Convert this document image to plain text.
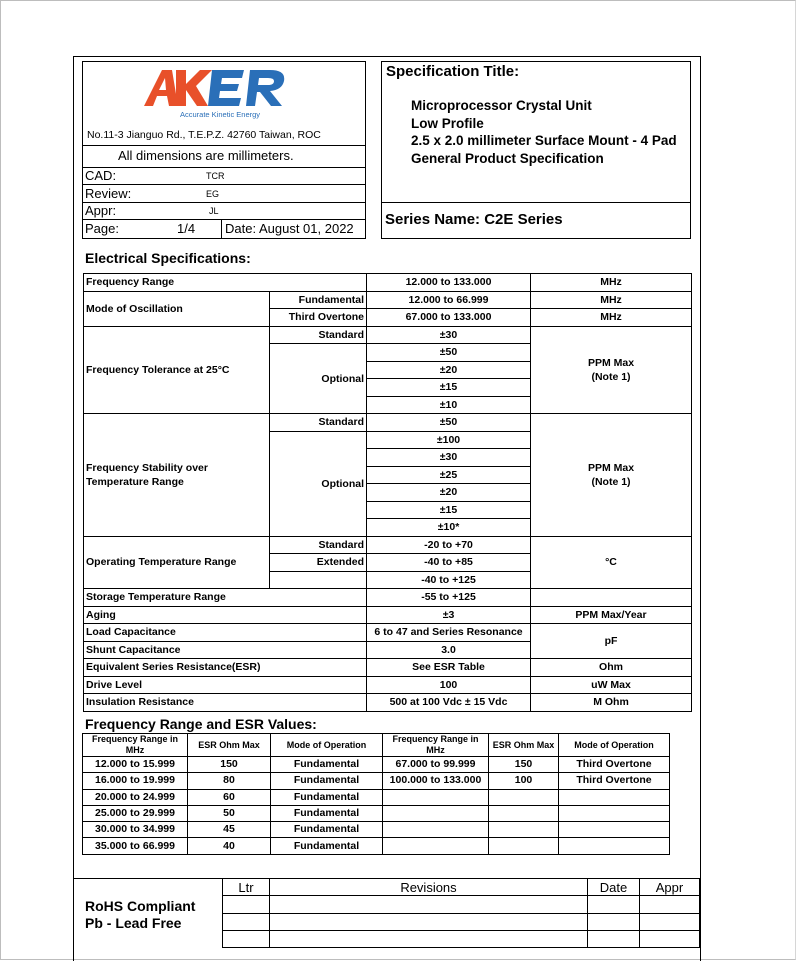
Accurate Kinetic Energy
No.11-3 Jianguo Rd., T.E.P.Z. 42760 Taiwan, ROC
All dimensions are millimeters.
CAD:	TCR
Review:	EG
Appr:	JL
Page:	1/4 Date: August 01, 2022
Specification Title:
Microprocessor Crystal Unit
Low Profile
2.5 x 2.0 millimeter Surface Mount - 4 Pad
General Product Specification
Series Name: C2E Series
Electrical Specifications:
Frequency Range		12.000 to 133.000	MHz
Mode of Oscillation	Fundamental	12.000 to 66.999	MHz
	Third Overtone	67.000 to 133.000	MHz
Frequency Tolerance at 25°C	Standard	±30	PPM Max
(Note 1)
	Optional	±50	
		±20	
		±15	
		±10	
Frequency Stability over Temperature Range	Standard	±50	PPM Max
(Note 1)
	Optional	±100	
		±30	
		±25	
		±20	
		±15	
		±10*	
Operating Temperature Range	Standard	-20 to +70	°C
	Extended	-40 to +85	
		-40 to +125	
Storage Temperature Range		-55 to +125	
Aging		±3	PPM Max/Year
Load Capacitance		6 to 47 and Series Resonance	pF
Shunt Capacitance		3.0	
Equivalent Series Resistance(ESR)		See ESR Table	Ohm
Drive Level		100	uW Max
Insulation Resistance		500 at 100 Vdc ± 15 Vdc	M Ohm
Frequency Range and ESR Values:
Frequency Range in MHz	ESR Ohm Max	Mode of Operation	Frequency Range in MHz	ESR Ohm Max	Mode of Operation
12.000 to 15.999	150	Fundamental	67.000 to 99.999	150	Third Overtone
16.000 to 19.999	80	Fundamental	100.000 to 133.000	100	Third Overtone
20.000 to 24.999	60	Fundamental			
25.000 to 29.999	50	Fundamental			
30.000 to 34.999	45	Fundamental			
35.000 to 66.999	40	Fundamental			
RoHS Compliant
Pb - Lead Free
Ltr	Revisions	Date	Appr
